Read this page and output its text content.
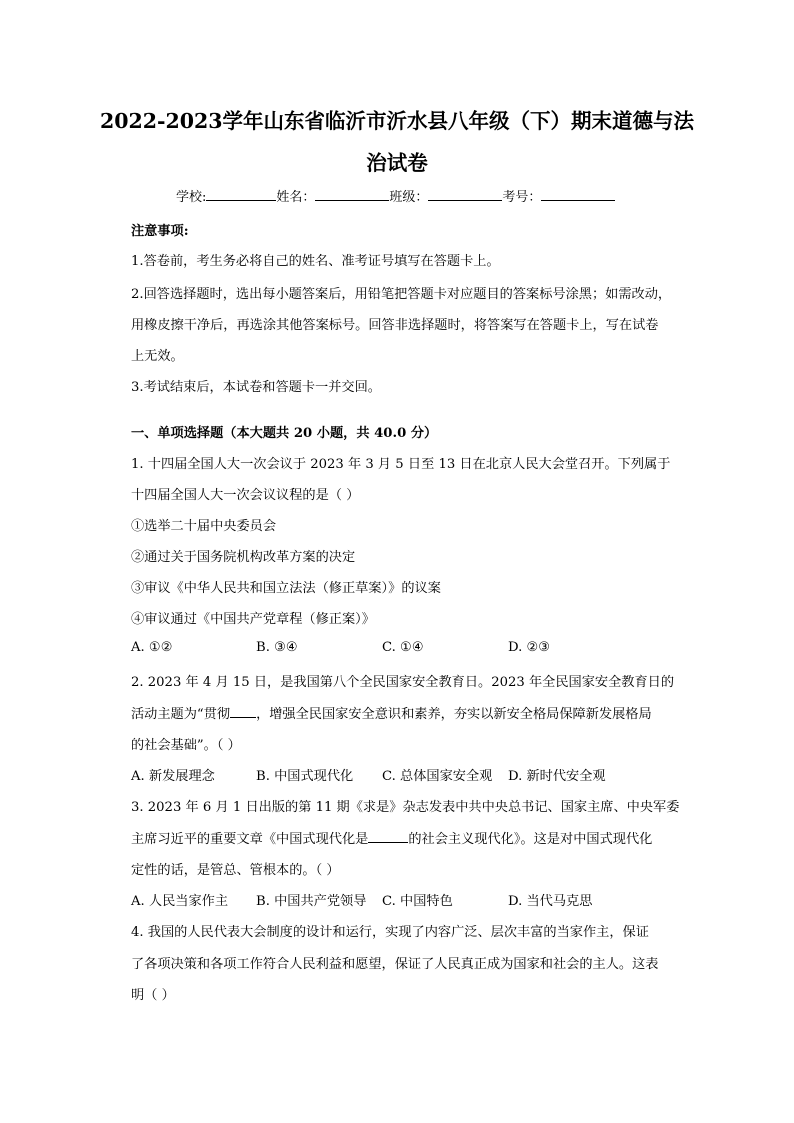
2022-2023学年山东省临沂市沂水县八年级（下）期末道德与法
治试卷
学校:	姓名：	班级：	考号：
注意事项:
1.答卷前，考生务必将自己的姓名、准考证号填写在答题卡上。
2.回答选择题时，选出每小题答案后，用铅笔把答题卡对应题目的答案标号涂黑；如需改动，
用橡皮擦干净后，再选涂其他答案标号。回答非选择题时，将答案写在答题卡上，写在试卷
上无效。
3.考试结束后，本试卷和答题卡一并交回。
一、单项选择题（本大题共 20 小题，共 40.0 分）
1. 十四届全国人大一次会议于 2023 年 3 月 5 日至 13 日在北京人民大会堂召开。下列属于
十四届全国人大一次会议议程的是（ ）
①选举二十届中央委员会
②通过关于国务院机构改革方案的决定
③审议《中华人民共和国立法法（修正草案）》的议案
④审议通过《中国共产党章程（修正案）》
A. ①②	B. ③④	C. ①④	D. ②③
2. 2023 年 4 月 15 日，是我国第八个全民国家安全教育日。2023 年全民国家安全教育日的
活动主题为“贯彻 ，增强全民国家安全意识和素养，夯实以新安全格局保障新发展格局
的社会基础”。（ ）
A. 新发展理念	B. 中国式现代化 C. 总体国家安全观 D. 新时代安全观
3. 2023 年 6 月 1 日出版的第 11 期《求是》杂志发表中共中央总书记、国家主席、中央军委
主席习近平的重要文章《中国式现代化是	的社会主义现代化》。这是对中国式现代化
定性的话，是管总、管根本的。（ ）
A. 人民当家作主 B. 中国共产党领导 C. 中国特色	D. 当代马克思
4. 我国的人民代表大会制度的设计和运行，实现了内容广泛、层次丰富的当家作主，保证
了各项决策和各项工作符合人民利益和愿望，保证了人民真正成为国家和社会的主人。这表
明（ ）
